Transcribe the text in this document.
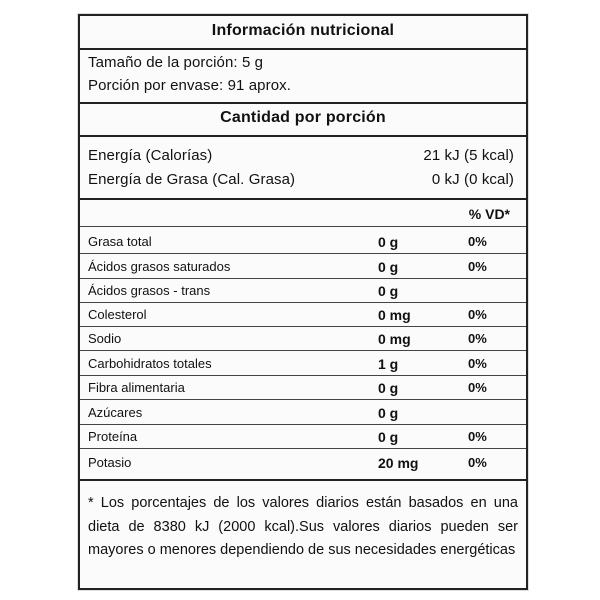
Información nutricional
Tamaño de la porción: 5 g
Porción por envase: 91 aprox.
Cantidad por porción
Energía (Calorías)	21 kJ (5 kcal)
Energía de Grasa (Cal. Grasa)	0 kJ (0 kcal)
% VD*
Grasa total	0 g	0%
Ácidos grasos saturados	0 g	0%
Ácidos grasos - trans	0 g
Colesterol	0 mg	0%
Sodio	0 mg	0%
Carbohidratos totales	1 g	0%
Fibra alimentaria	0 g	0%
Azúcares	0 g
Proteína	0 g	0%
Potasio	20 mg	0%
* Los porcentajes de los valores diarios están basados en una dieta de 8380 kJ (2000 kcal).Sus valores diarios pueden ser mayores o menores dependiendo de sus necesidades energéticas
